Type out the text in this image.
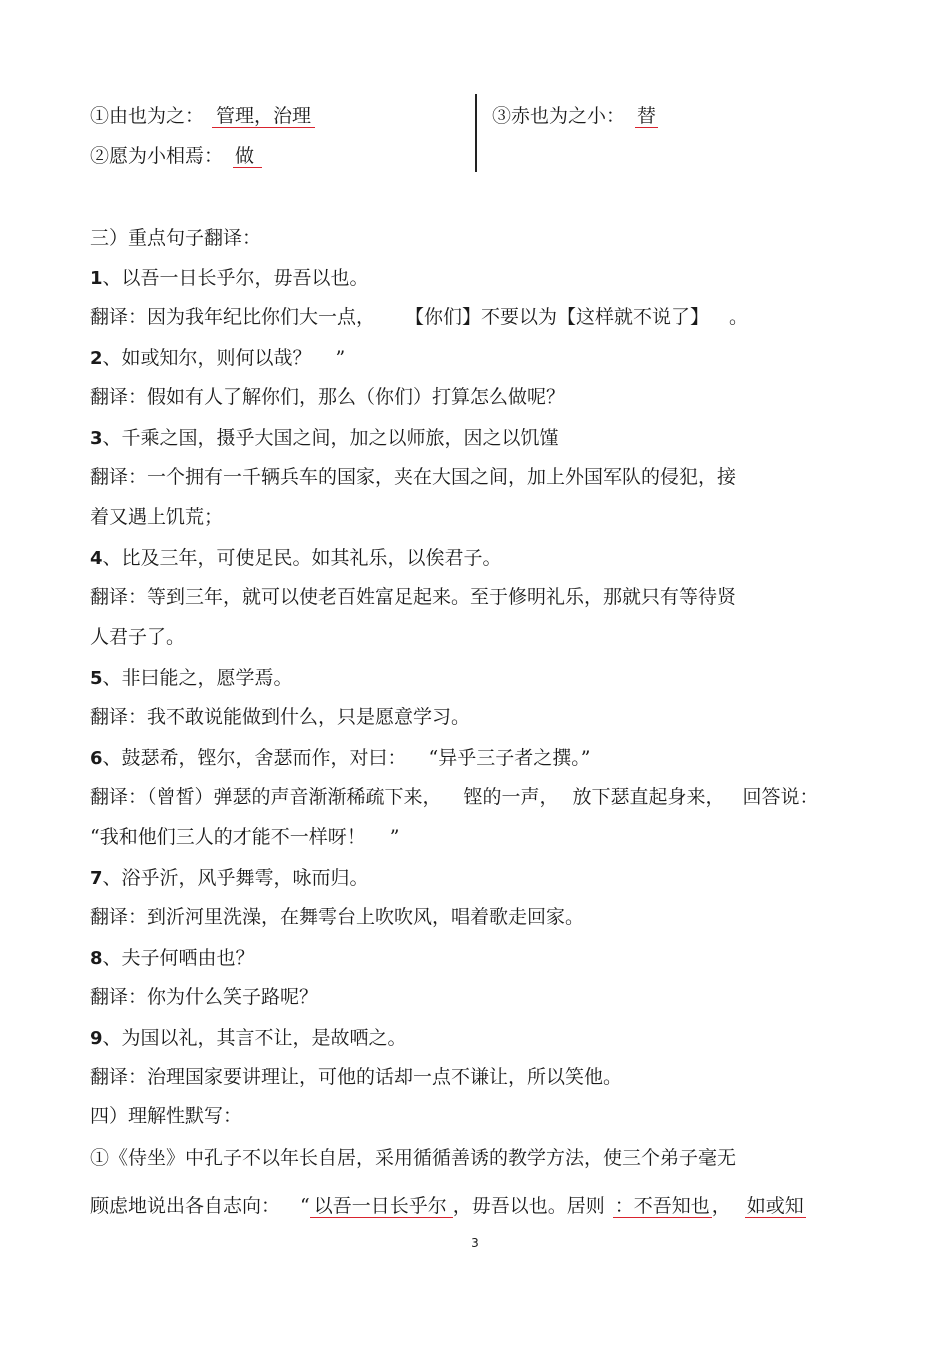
①由也为之： 管理，治理
②愿为小相焉： 做
③赤也为之小： 替
三）重点句子翻译：
1、以吾一日长乎尔，毋吾以也。
翻译：因为我年纪比你们大一点， 【你们】不要以为【这样就不说了】 。
2、如或知尔，则何以哉？ ”
翻译：假如有人了解你们，那么（你们）打算怎么做呢？
3、千乘之国，摄乎大国之间，加之以师旅，因之以饥馑
翻译：一个拥有一千辆兵车的国家，夹在大国之间，加上外国军队的侵犯，接
着又遇上饥荒；
4、比及三年，可使足民。如其礼乐，以俟君子。
翻译：等到三年，就可以使老百姓富足起来。至于修明礼乐，那就只有等待贤
人君子了。
5、非曰能之，愿学焉。
翻译：我不敢说能做到什么，只是愿意学习。
6、鼓瑟希，铿尔，舍瑟而作，对曰： “异乎三子者之撰。”
翻译：（曾皙）弹瑟的声音渐渐稀疏下来， 铿的一声， 放下瑟直起身来， 回答说：
“我和他们三人的才能不一样呀！ ”
7、浴乎沂，风乎舞雩，咏而归。
翻译：到沂河里洗澡，在舞雩台上吹吹风，唱着歌走回家。
8、夫子何哂由也？
翻译：你为什么笑子路呢？
9、为国以礼，其言不让，是故哂之。
翻译：治理国家要讲理让，可他的话却一点不谦让，所以笑他。
四）理解性默写：
①《侍坐》中孔子不以年长自居，采用循循善诱的教学方法，使三个弟子毫无
顾虑地说出各自志向： “ 以吾一日长乎尔 ，毋吾以也。居则 ：不吾知也 ， 如或知
3
